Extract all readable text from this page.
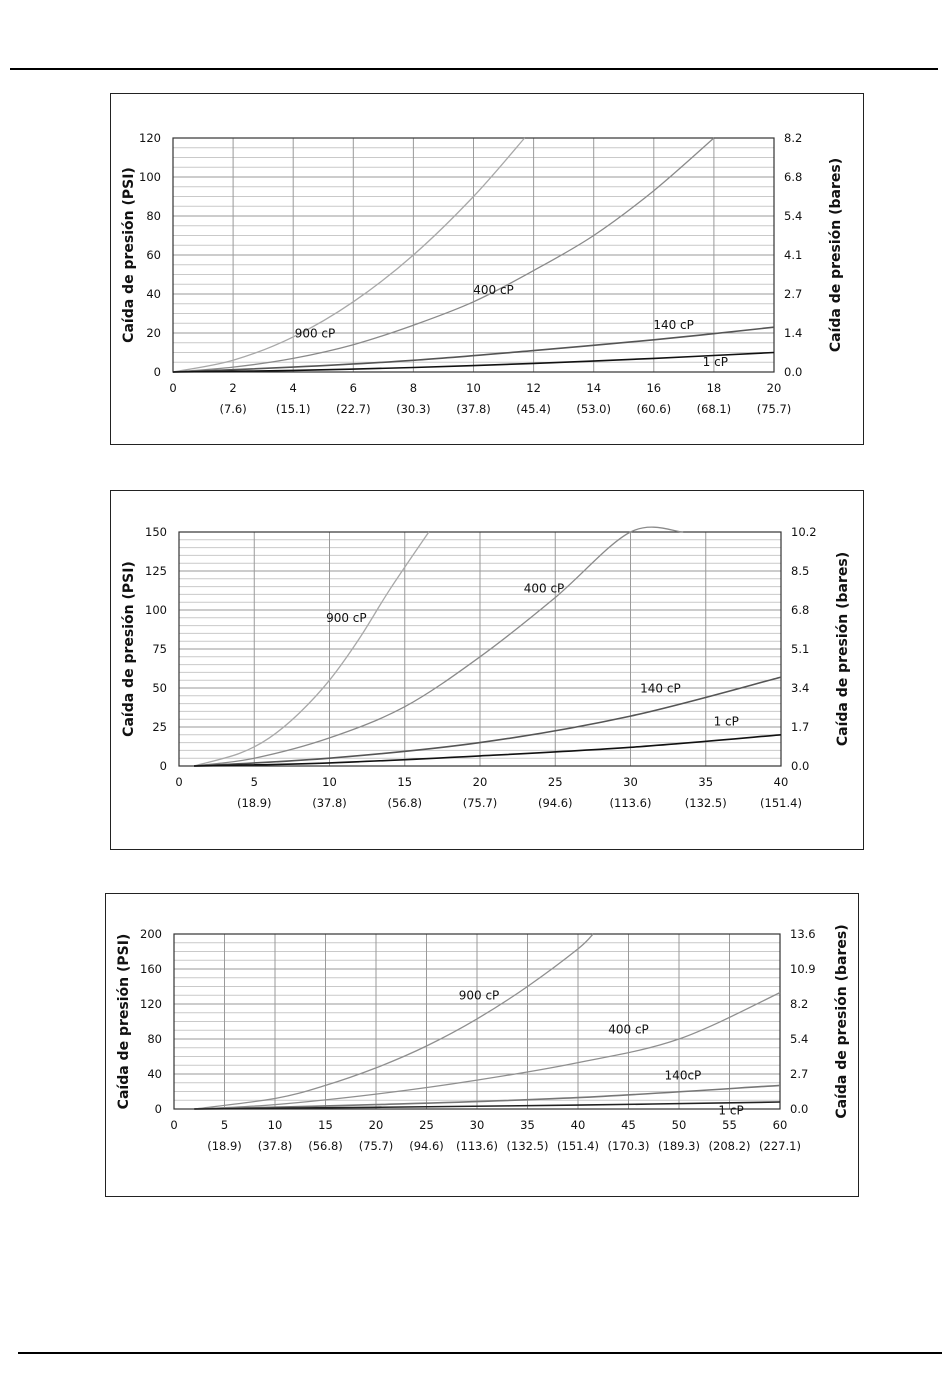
900 cP
400 cP
140 cP
1 cP
0	2
(7.6)
4
(15.1)
6
(22.7)
8
(30.3)
10
(37.8)
12
(45.4)
14
(53.0)
16
(60.6)
18
(68.1)
20
(75.7)
0
20
40
60
80
100
120
0.0
1.4
2.7
4.1
5.4
6.8
8.2
Caída de presión (PSI)	Caída de presión (bares)
900 cP
400 cP
140 cP
1 cP
0	5
(18.9)
10
(37.8)
15
(56.8)
20
(75.7)
25
(94.6)
30
(113.6)
35
(132.5)
40
(151.4)
0
25
50
75
100
125
150
0.0
1.7
3.4
5.1
6.8
8.5
10.2
Caída de presión (PSI)	Caída de presión (bares)
900 cP
400 cP
140cP
1 cP
0	5
(18.9)
10
(37.8)
15
(56.8)
20
(75.7)
25
(94.6)
30
(113.6)
35
(132.5)
40
(151.4)
45
(170.3)
50
(189.3)
55
(208.2)
60
(227.1)
0
40
80
120
160
200
0.0
2.7
5.4
8.2
10.9
13.6
Caída de presión (PSI)	Caída de presión (bares)
